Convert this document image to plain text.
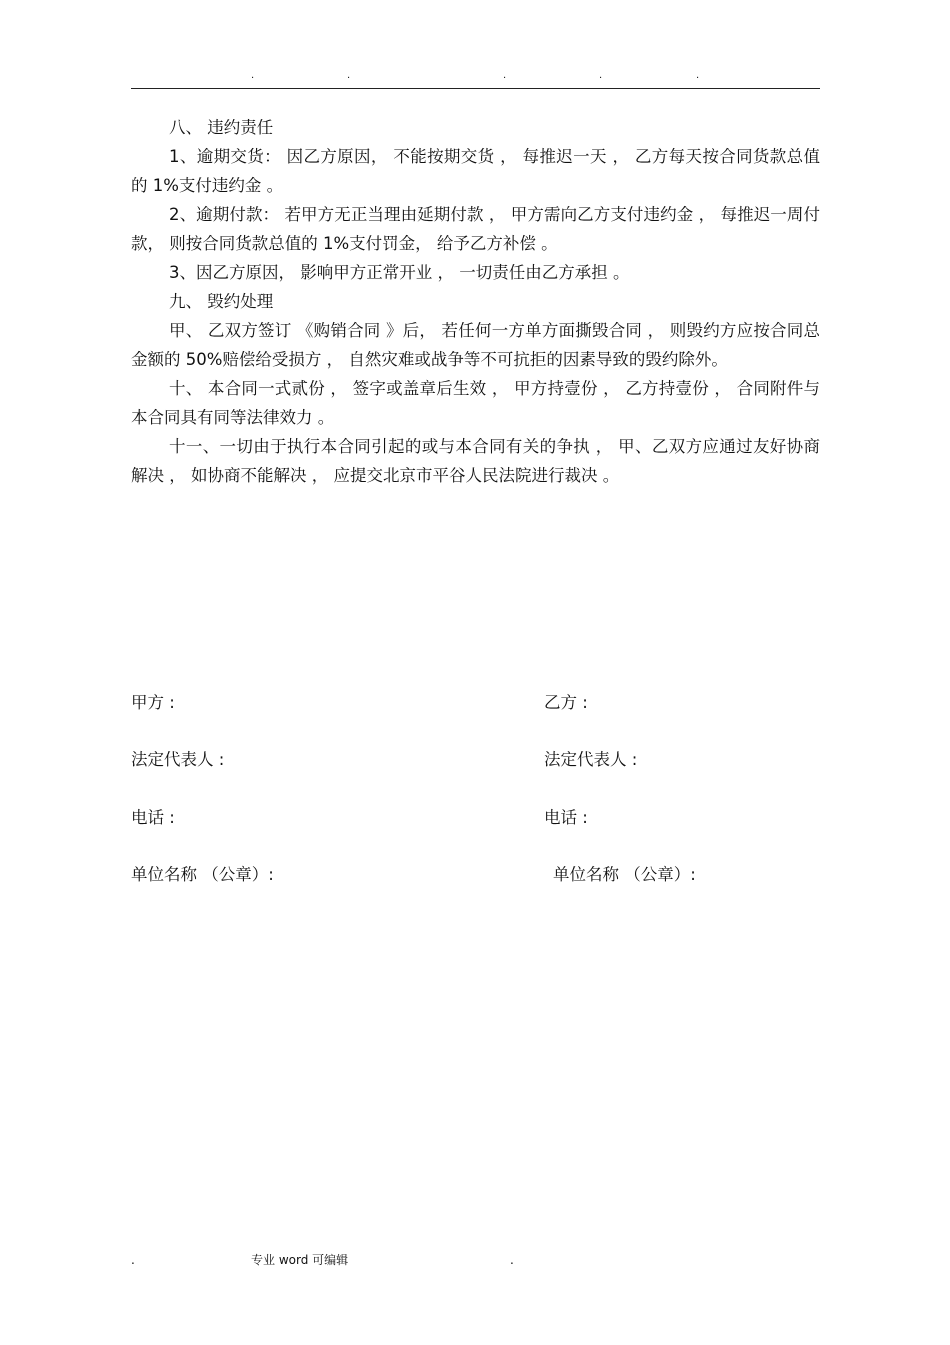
.	.	.	.	.

八、 违约责任

1、逾期交货： 因乙方原因， 不能按期交货 ， 每推迟一天 ， 乙方每天按合同货款总值的 1%支付违约金 。

2、逾期付款： 若甲方无正当理由延期付款 ， 甲方需向乙方支付违约金 ， 每推迟一周付款， 则按合同货款总值的 1%支付罚金， 给予乙方补偿 。

3、因乙方原因， 影响甲方正常开业 ， 一切责任由乙方承担 。

九、 毁约处理

甲、 乙双方签订 《购销合同 》后， 若任何一方单方面撕毁合同 ， 则毁约方应按合同总金额的 50%赔偿给受损方 ， 自然灾难或战争等不可抗拒的因素导致的毁约除外。

十、 本合同一式贰份 ， 签字或盖章后生效 ， 甲方持壹份 ， 乙方持壹份 ， 合同附件与本合同具有同等法律效力 。

十一、一切由于执行本合同引起的或与本合同有关的争执 ， 甲、乙双方应通过友好协商解决 ， 如协商不能解决 ， 应提交北京市平谷人民法院进行裁决 。

甲方 :	乙方 :
法定代表人 :	法定代表人 :
电话 :	电话 :
单位名称 （公章）:	单位名称 （公章）:
.	专业 word 可编辑	.
